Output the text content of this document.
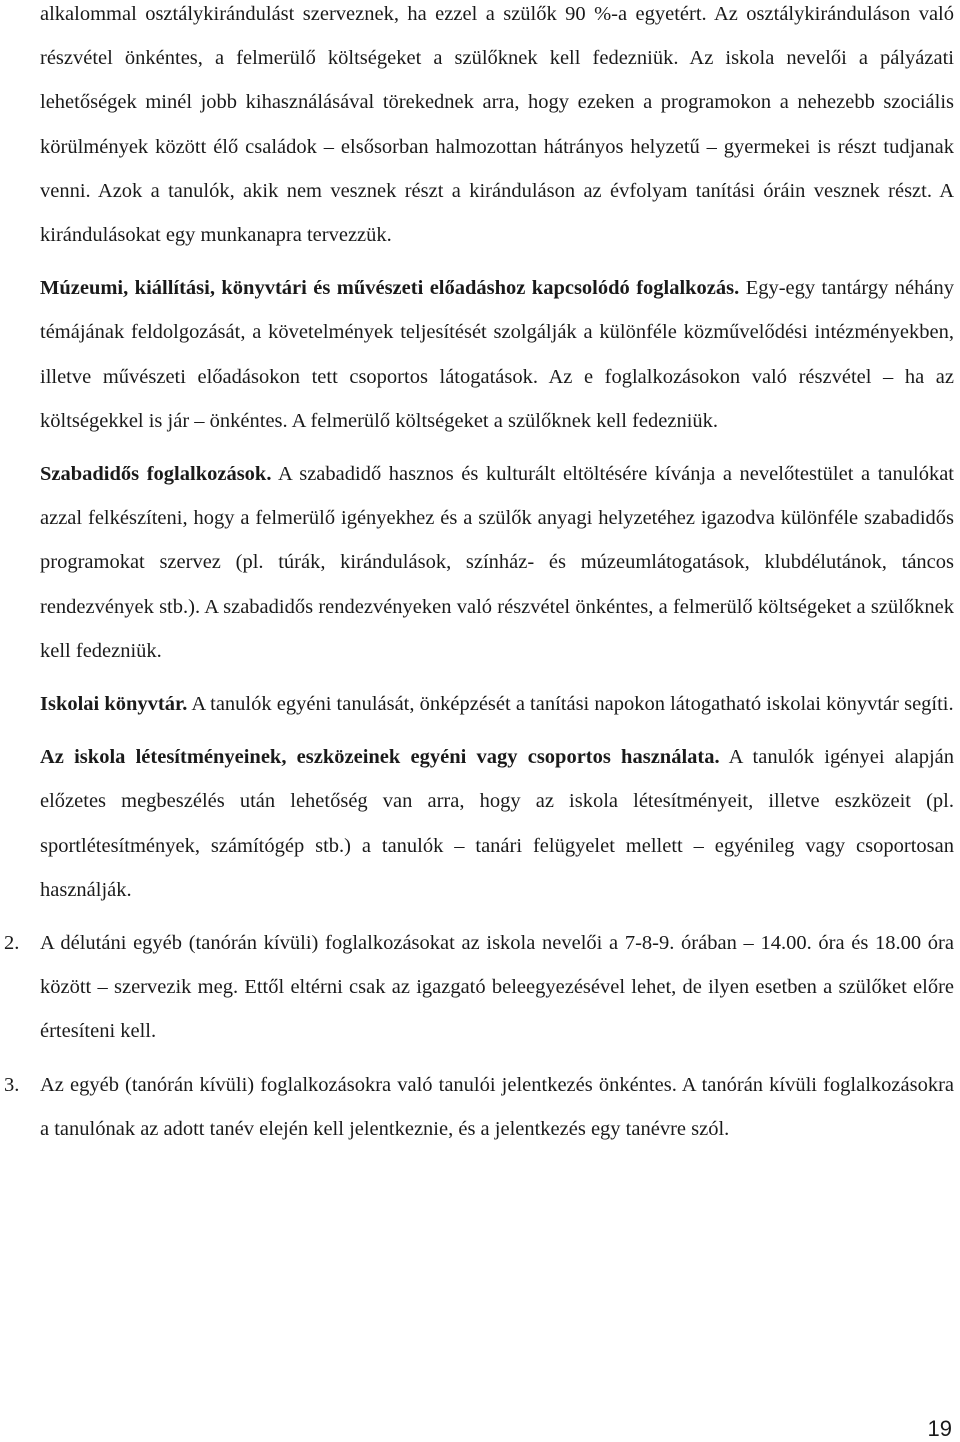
alkalommal osztálykirándulást szerveznek, ha ezzel a szülők 90 %-a egyetért. Az osztálykiránduláson való részvétel önkéntes, a felmerülő költségeket a szülőknek kell fedezniük. Az iskola nevelői a pályázati lehetőségek minél jobb kihasználásával törekednek arra, hogy ezeken a programokon a nehezebb szociális körülmények között élő családok – elsősorban halmozottan hátrányos helyzetű – gyermekei is részt tudjanak venni. Azok a tanulók, akik nem vesznek részt a kiránduláson az évfolyam tanítási óráin vesznek részt. A kirándulásokat egy munkanapra tervezzük.

Múzeumi, kiállítási, könyvtári és művészeti előadáshoz kapcsolódó foglalkozás. Egy-egy tantárgy néhány témájának feldolgozását, a követelmények teljesítését szolgálják a különféle közművelődési intézményekben, illetve művészeti előadásokon tett csoportos látogatások. Az e foglalkozásokon való részvétel – ha az költségekkel is jár – önkéntes. A felmerülő költségeket a szülőknek kell fedezniük.

Szabadidős foglalkozások. A szabadidő hasznos és kulturált eltöltésére kívánja a nevelőtestület a tanulókat azzal felkészíteni, hogy a felmerülő igényekhez és a szülők anyagi helyzetéhez igazodva különféle szabadidős programokat szervez (pl. túrák, kirándulások, színház- és múzeumlátogatások, klubdélutánok, táncos rendezvények stb.). A szabadidős rendezvényeken való részvétel önkéntes, a felmerülő költségeket a szülőknek kell fedezniük.

Iskolai könyvtár. A tanulók egyéni tanulását, önképzését a tanítási napokon látogatható iskolai könyvtár segíti.

Az iskola létesítményeinek, eszközeinek egyéni vagy csoportos használata. A tanulók igényei alapján előzetes megbeszélés után lehetőség van arra, hogy az iskola létesítményeit, illetve eszközeit (pl. sportlétesítmények, számítógép stb.) a tanulók – tanári felügyelet mellett – egyénileg vagy csoportosan használják.

2. A délutáni egyéb (tanórán kívüli) foglalkozásokat az iskola nevelői a 7-8-9. órában – 14.00. óra és 18.00 óra között – szervezik meg. Ettől eltérni csak az igazgató beleegyezésével lehet, de ilyen esetben a szülőket előre értesíteni kell.

3. Az egyéb (tanórán kívüli) foglalkozásokra való tanulói jelentkezés önkéntes. A tanórán kívüli foglalkozásokra a tanulónak az adott tanév elején kell jelentkeznie, és a jelentkezés egy tanévre szól.

19
